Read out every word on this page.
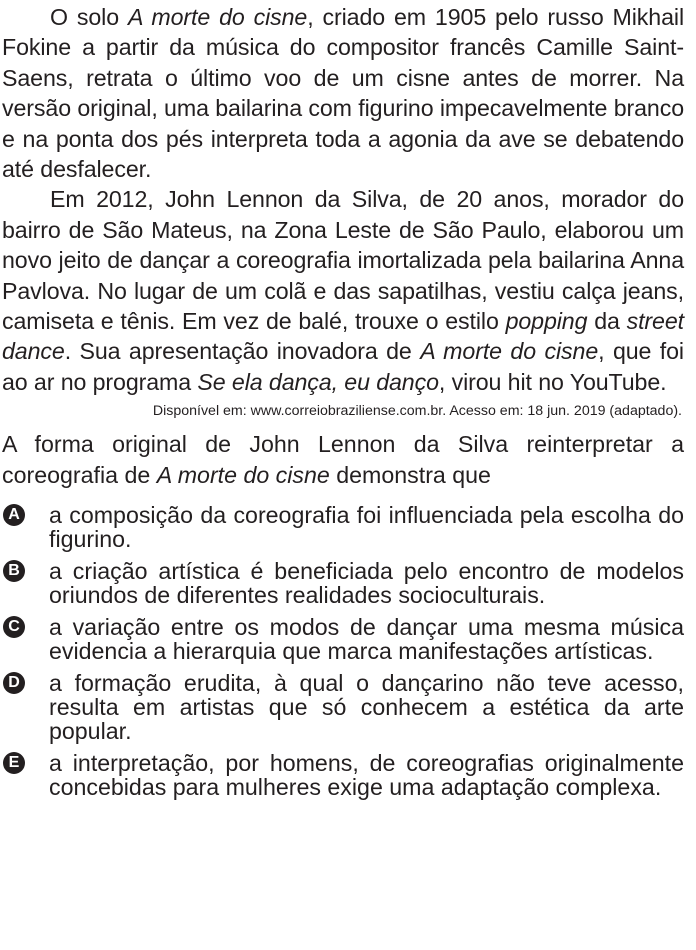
O solo A morte do cisne, criado em 1905 pelo russo Mikhail Fokine a partir da música do compositor francês Camille Saint-Saens, retrata o último voo de um cisne antes de morrer. Na versão original, uma bailarina com figurino impecavelmente branco e na ponta dos pés interpreta toda a agonia da ave se debatendo até desfalecer.

Em 2012, John Lennon da Silva, de 20 anos, morador do bairro de São Mateus, na Zona Leste de São Paulo, elaborou um novo jeito de dançar a coreografia imortalizada pela bailarina Anna Pavlova. No lugar de um colã e das sapatilhas, vestiu calça jeans, camiseta e tênis. Em vez de balé, trouxe o estilo popping da street dance. Sua apresentação inovadora de A morte do cisne, que foi ao ar no programa Se ela dança, eu danço, virou hit no YouTube.

Disponível em: www.correiobraziliense.com.br. Acesso em: 18 jun. 2019 (adaptado).
A forma original de John Lennon da Silva reinterpretar a coreografia de A morte do cisne demonstra que
A a composição da coreografia foi influenciada pela escolha do figurino.
B a criação artística é beneficiada pelo encontro de modelos oriundos de diferentes realidades socioculturais.
C a variação entre os modos de dançar uma mesma música evidencia a hierarquia que marca manifestações artísticas.
D a formação erudita, à qual o dançarino não teve acesso, resulta em artistas que só conhecem a estética da arte popular.
E a interpretação, por homens, de coreografias originalmente concebidas para mulheres exige uma adaptação complexa.
